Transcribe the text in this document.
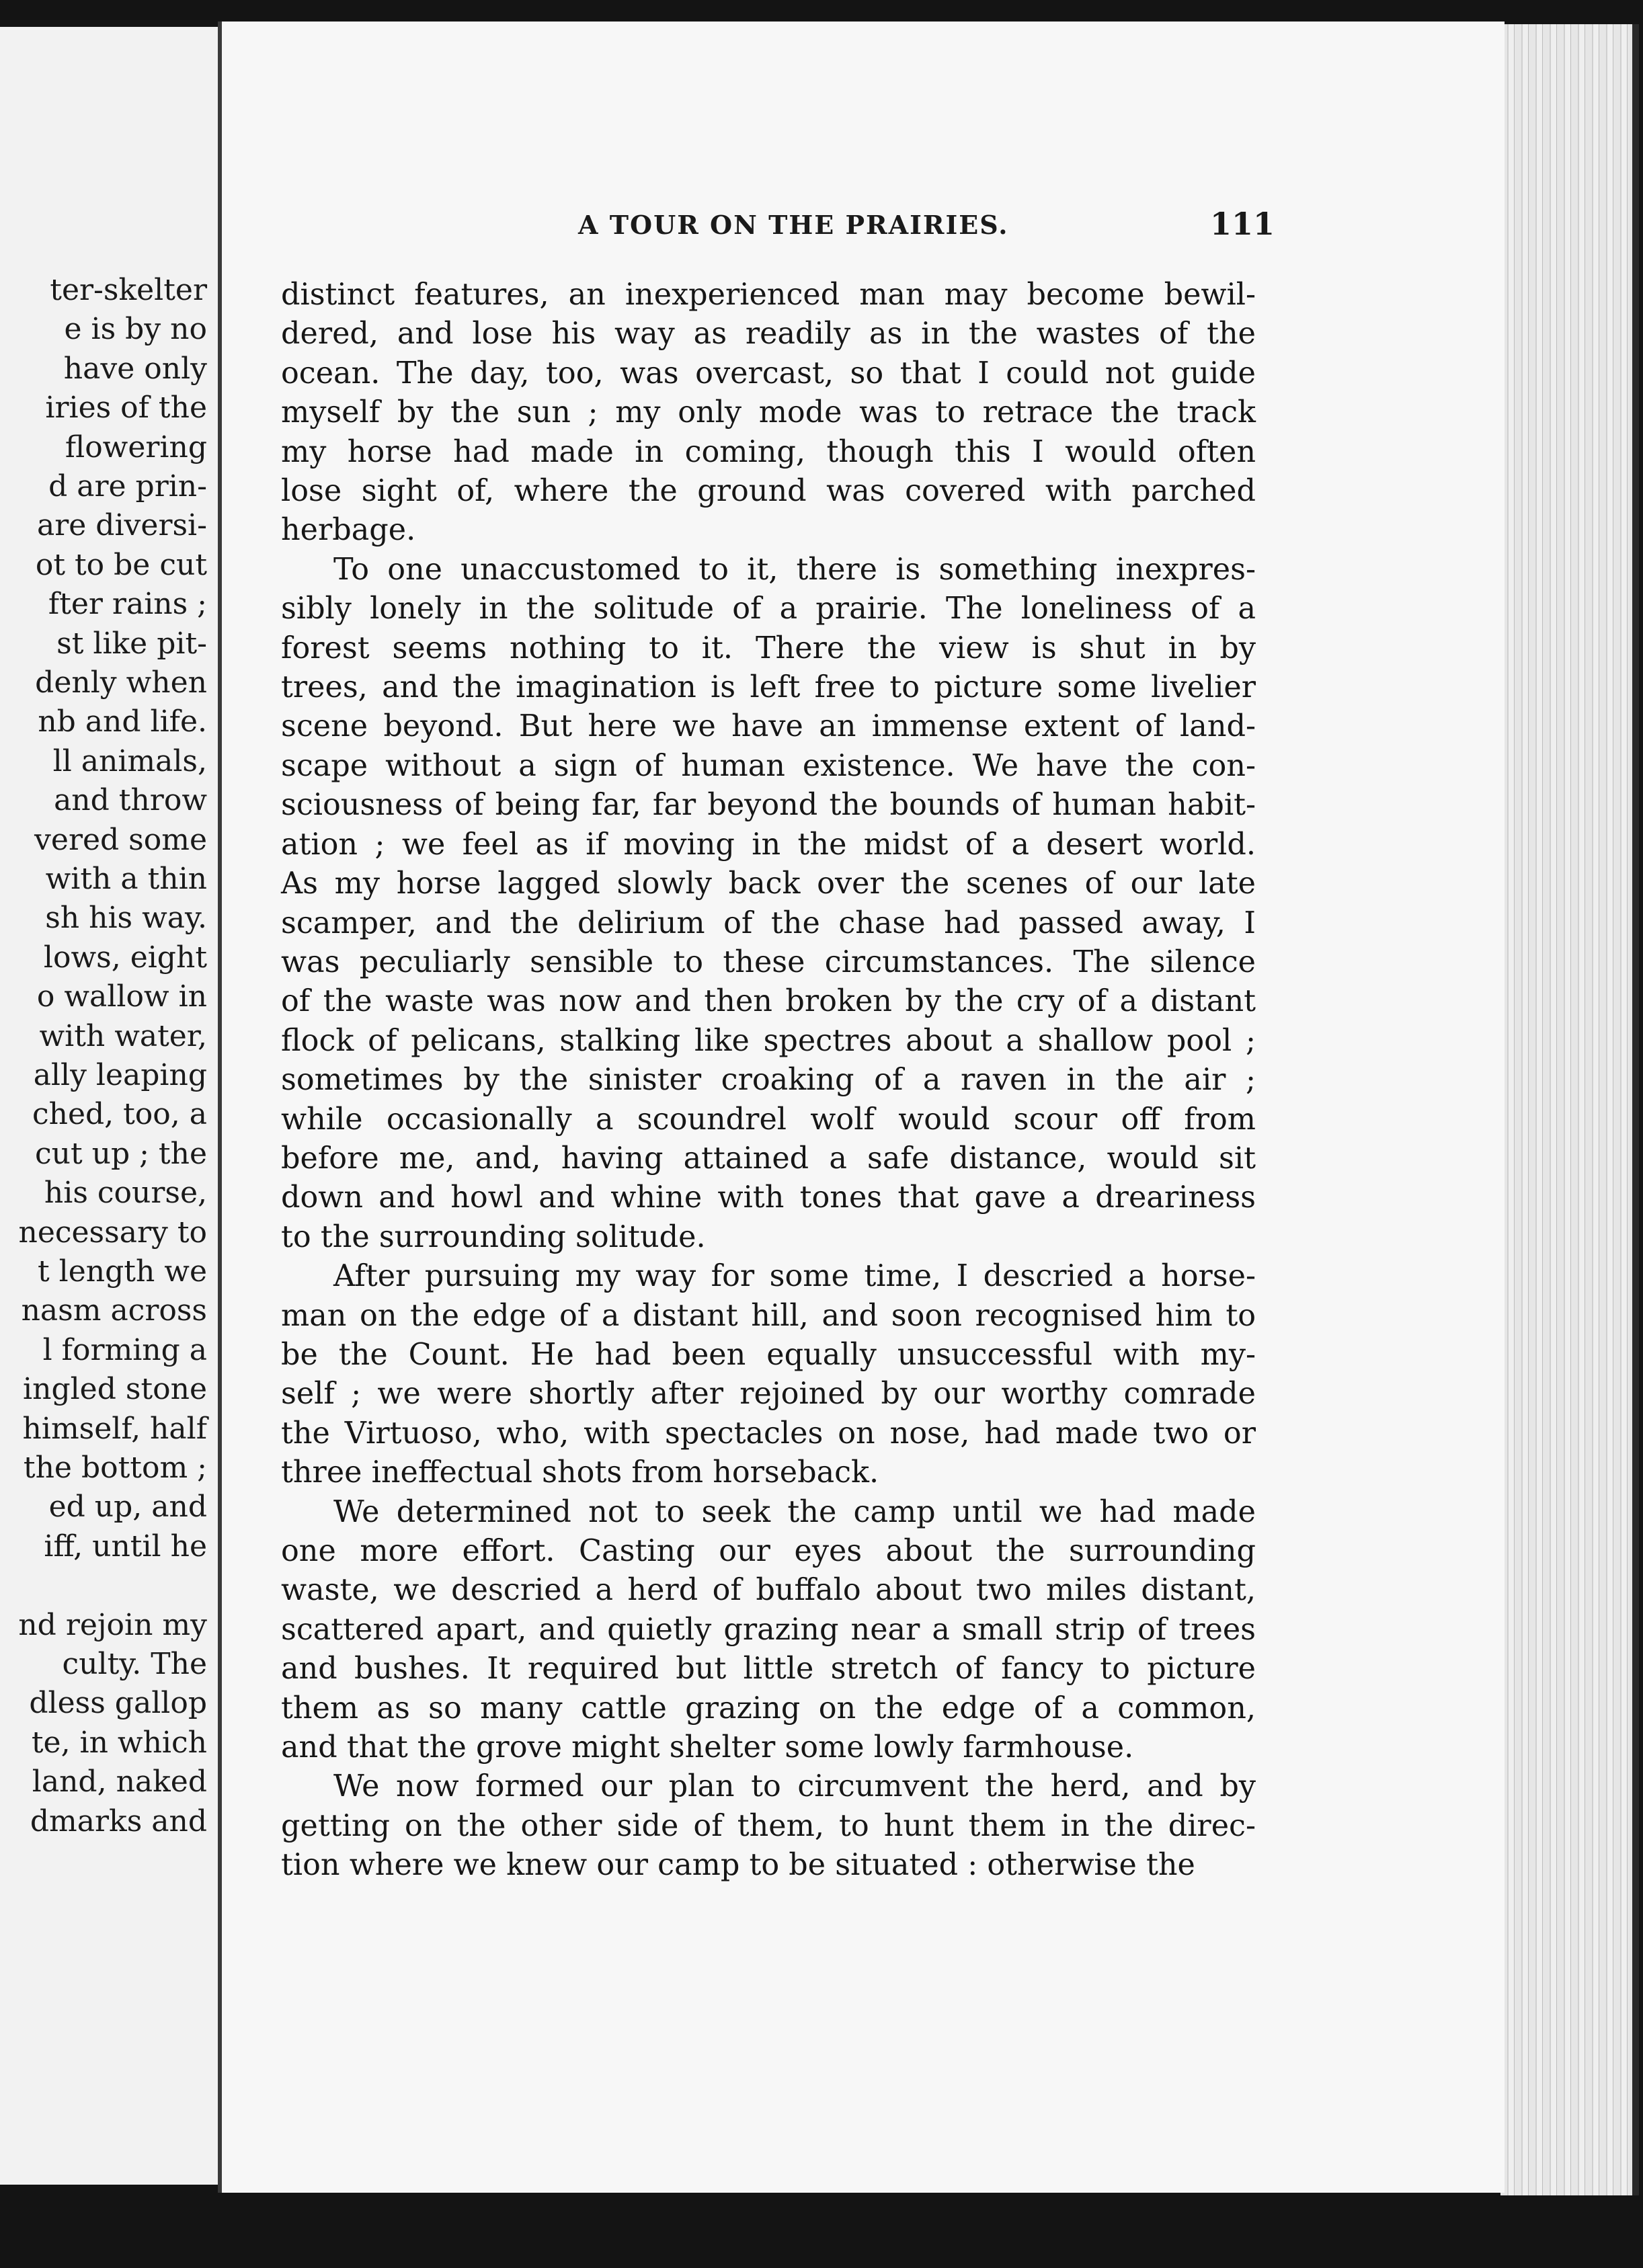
ter-skelter
e is by no
have only
iries of the
flowering
d are prin-
are diversi-
ot to be cut
fter rains ;
st like pit-
denly when
nb and life.
ll animals,
and throw
vered some
with a thin
sh his way.
lows, eight
o wallow in
with water,
ally leaping
ched, too, a
cut up ; the
his course,
necessary to
t length we
nasm across
l forming a
ingled stone
himself, half
the bottom ;
ed up, and
iff, until he
nd rejoin my
culty. The
dless gallop
te, in which
land, naked
dmarks and
A TOUR ON THE PRAIRIES.	111
distinct features, an inexperienced man may become bewil-
dered, and lose his way as readily as in the wastes of the
ocean. The day, too, was overcast, so that I could not guide
myself by the sun ; my only mode was to retrace the track
my horse had made in coming, though this I would often
lose sight of, where the ground was covered with parched
herbage.
To one unaccustomed to it, there is something inexpres-
sibly lonely in the solitude of a prairie. The loneliness of a
forest seems nothing to it. There the view is shut in by
trees, and the imagination is left free to picture some livelier
scene beyond. But here we have an immense extent of land-
scape without a sign of human existence. We have the con-
sciousness of being far, far beyond the bounds of human habit-
ation ; we feel as if moving in the midst of a desert world.
As my horse lagged slowly back over the scenes of our late
scamper, and the delirium of the chase had passed away, I
was peculiarly sensible to these circumstances. The silence
of the waste was now and then broken by the cry of a distant
flock of pelicans, stalking like spectres about a shallow pool ;
sometimes by the sinister croaking of a raven in the air ;
while occasionally a scoundrel wolf would scour off from
before me, and, having attained a safe distance, would sit
down and howl and whine with tones that gave a dreariness
to the surrounding solitude.
After pursuing my way for some time, I descried a horse-
man on the edge of a distant hill, and soon recognised him to
be the Count. He had been equally unsuccessful with my-
self ; we were shortly after rejoined by our worthy comrade
the Virtuoso, who, with spectacles on nose, had made two or
three ineffectual shots from horseback.
We determined not to seek the camp until we had made
one more effort. Casting our eyes about the surrounding
waste, we descried a herd of buffalo about two miles distant,
scattered apart, and quietly grazing near a small strip of trees
and bushes. It required but little stretch of fancy to picture
them as so many cattle grazing on the edge of a common,
and that the grove might shelter some lowly farmhouse.
We now formed our plan to circumvent the herd, and by
getting on the other side of them, to hunt them in the direc-
tion where we knew our camp to be situated : otherwise the
